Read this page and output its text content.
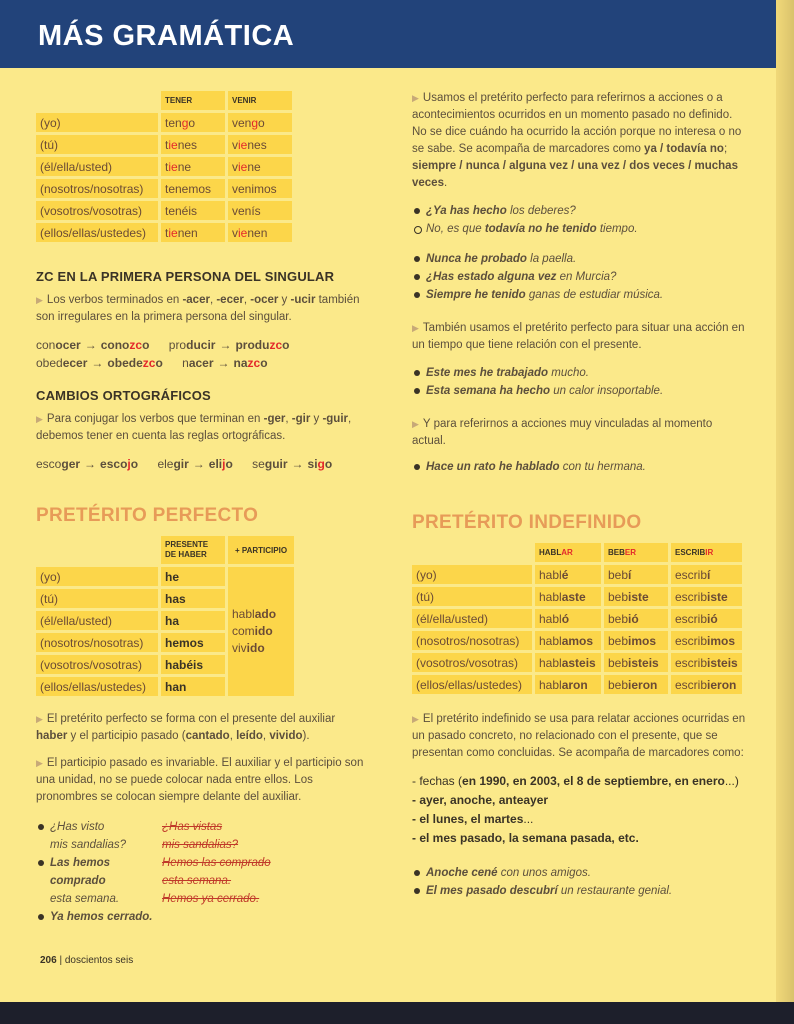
MÁS GRAMÁTICA
	TENER	VENIR
(yo)	tengo	vengo
(tú)	tienes	vienes
(él/ella/usted)	tiene	viene
(nosotros/nosotras)	tenemos	venimos
(vosotros/vosotras)	tenéis	venís
(ellos/ellas/ustedes)	tienen	vienen
ZC EN LA PRIMERA PERSONA DEL SINGULAR

▶ Los verbos terminados en -acer, -ecer, -ocer y -ucir también son irregulares en la primera persona del singular.

conocer → conozco producir → produzco
obedecer → obedezco nacer → nazco
CAMBIOS ORTOGRÁFICOS

▶ Para conjugar los verbos que terminan en -ger, -gir y -guir, debemos tener en cuenta las reglas ortográficas.

escoger → escojo elegir → elijo seguir → sigo
PRETÉRITO PERFECTO
	PRESENTE DE HABER	+ PARTICIPIO
(yo)	he	hablado
comido
vivido

(tú)	has	
(él/ella/usted)	ha	
(nosotros/nosotras)	hemos	
(vosotros/vosotras)	habéis	
(ellos/ellas/ustedes)	han	

▶ El pretérito perfecto se forma con el presente del auxiliar haber y el participio pasado (cantado, leído, vivido).

▶ El participio pasado es invariable. El auxiliar y el participio son una unidad, no se puede colocar nada entre ellos. Los pronombres se colocan siempre delante del auxiliar.

¿Has visto
mis sandalias?
Las hemos comprado
esta semana.
Ya hemos cerrado.
¿Has vistas
mis sandalias?
Hemos las comprado
esta semana.
Hemos ya cerrado.

▶ Usamos el pretérito perfecto para referirnos a acciones o a acontecimientos ocurridos en un momento pasado no definido. No se dice cuándo ha ocurrido la acción porque no interesa o no se sabe. Se acompaña de marcadores como ya / todavía no; siempre / nunca / alguna vez / una vez / dos veces / muchas veces.

¿Ya has hecho los deberes?
No, es que todavía no he tenido tiempo.
Nunca he probado la paella.
¿Has estado alguna vez en Murcia?
Siempre he tenido ganas de estudiar música.

▶ También usamos el pretérito perfecto para situar una acción en un tiempo que tiene relación con el presente.

Este mes he trabajado mucho.
Esta semana ha hecho un calor insoportable.

▶ Y para referirnos a acciones muy vinculadas al momento actual.

Hace un rato he hablado con tu hermana.
PRETÉRITO INDEFINIDO
	HABLAR	BEBER	ESCRIBIR
(yo)	hablé	bebí	escribí
(tú)	hablaste	bebiste	escribiste
(él/ella/usted)	habló	bebió	escribió
(nosotros/nosotras)	hablamos	bebimos	escribimos
(vosotros/vosotras)	hablasteis	bebisteis	escribisteis
(ellos/ellas/ustedes)	hablaron	bebieron	escribieron

▶ El pretérito indefinido se usa para relatar acciones ocurridas en un pasado concreto, no relacionado con el presente, que se presentan como concluidas. Se acompaña de marcadores como:

- fechas (en 1990, en 2003, el 8 de septiembre, en enero...)
- ayer, anoche, anteayer
- el lunes, el martes...
- el mes pasado, la semana pasada, etc.
Anoche cené con unos amigos.
El mes pasado descubrí un restaurante genial.
206 | doscientos seis
